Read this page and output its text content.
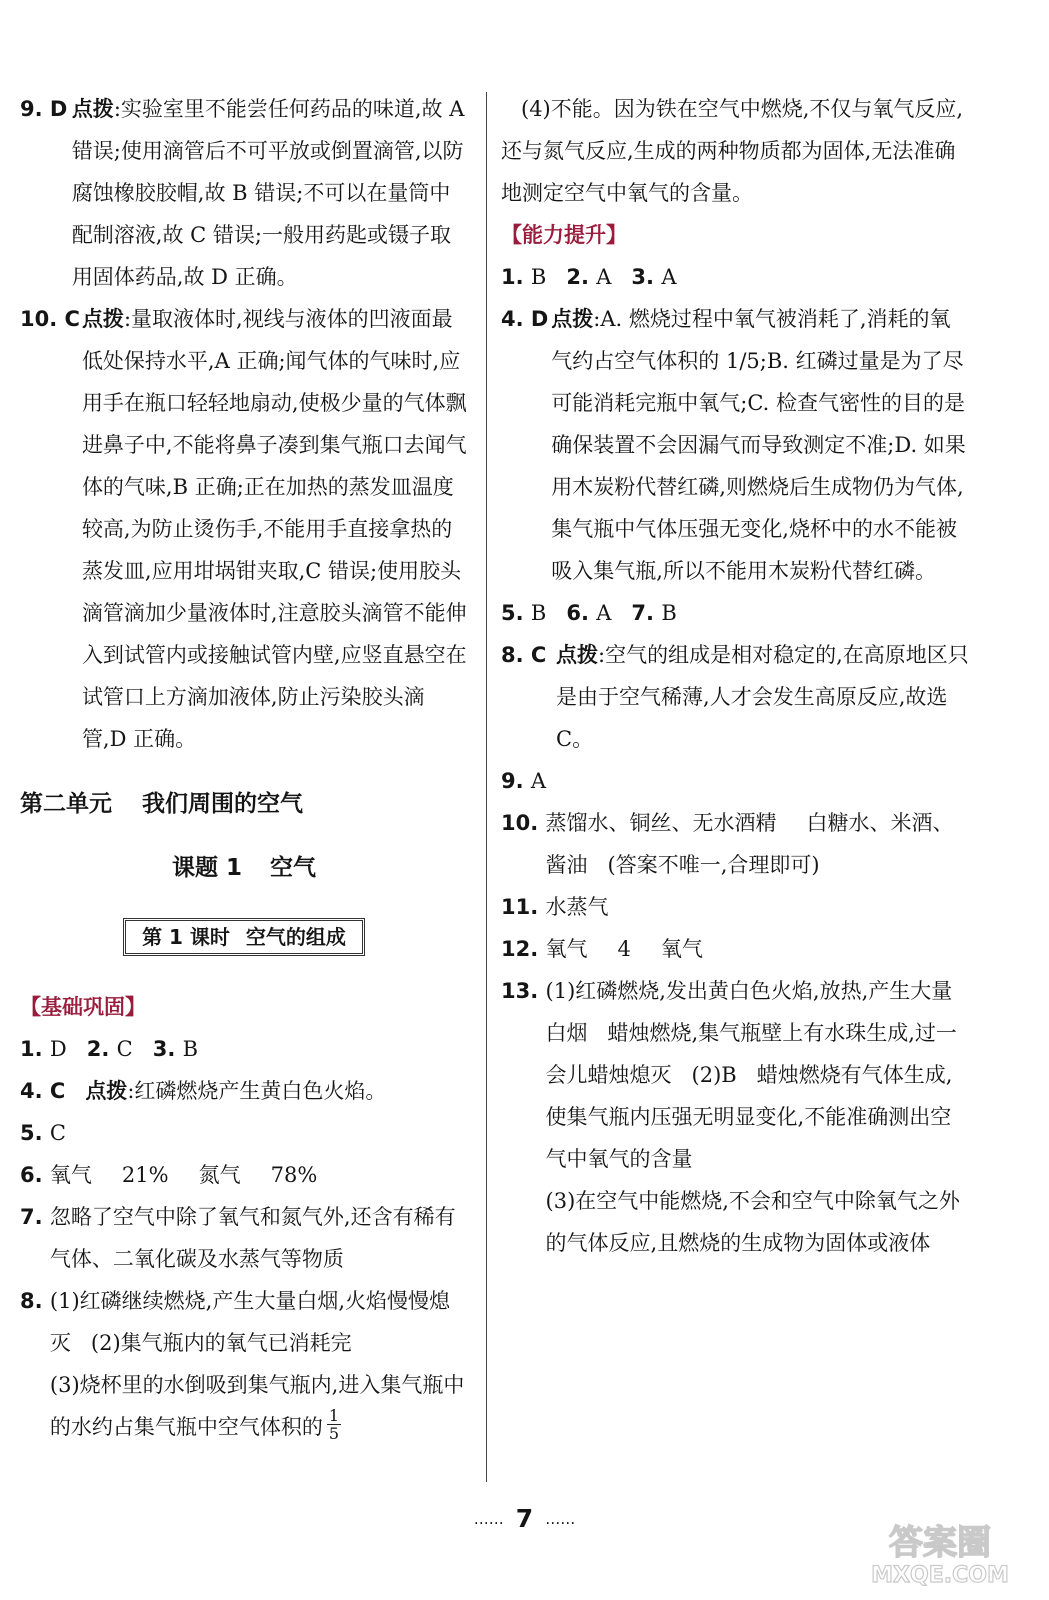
9. D 点拨:实验室里不能尝任何药品的味道,故 A 错误;使用滴管后不可平放或倒置滴管,以防腐蚀橡胶胶帽,故 B 错误;不可以在量筒中配制溶液,故 C 错误;一般用药匙或镊子取用固体药品,故 D 正确。
10. C 点拨:量取液体时,视线与液体的凹液面最低处保持水平,A 正确;闻气体的气味时,应用手在瓶口轻轻地扇动,使极少量的气体飘进鼻子中,不能将鼻子凑到集气瓶口去闻气体的气味,B 正确;正在加热的蒸发皿温度较高,为防止烫伤手,不能用手直接拿热的蒸发皿,应用坩埚钳夹取,C 错误;使用胶头滴管滴加少量液体时,注意胶头滴管不能伸入到试管内或接触试管内壁,应竖直悬空在试管口上方滴加液体,防止污染胶头滴管,D 正确。
第二单元 我们周围的空气
课题 1 空气
第 1 课时 空气的组成
【基础巩固】
1. D 2. C 3. B
4. C 点拨:红磷燃烧产生黄白色火焰。
5. C
6. 氧气 21% 氮气 78%
7. 忽略了空气中除了氧气和氮气外,还含有稀有气体、二氧化碳及水蒸气等物质
8. (1)红磷继续燃烧,产生大量白烟,火焰慢慢熄灭 (2)集气瓶内的氧气已消耗完
(3)烧杯里的水倒吸到集气瓶内,进入集气瓶中的水约占集气瓶中空气体积的 $\frac{1}{5}$
(4)不能。因为铁在空气中燃烧,不仅与氧气反应,还与氮气反应,生成的两种物质都为固体,无法准确地测定空气中氧气的含量。
【能力提升】
1. B 2. A 3. A
4. D 点拨:A. 燃烧过程中氧气被消耗了,消耗的氧气约占空气体积的 1/5;B. 红磷过量是为了尽可能消耗完瓶中氧气;C. 检查气密性的目的是确保装置不会因漏气而导致测定不准;D. 如果用木炭粉代替红磷,则燃烧后生成物仍为气体,集气瓶中气体压强无变化,烧杯中的水不能被吸入集气瓶,所以不能用木炭粉代替红磷。
5. B 6. A 7. B
8. C 点拨:空气的组成是相对稳定的,在高原地区只是由于空气稀薄,人才会发生高原反应,故选 C。
9. A
10. 蒸馏水、铜丝、无水酒精 白糖水、米酒、酱油 (答案不唯一,合理即可)
11. 水蒸气
12. 氧气 4 氧气
13. (1)红磷燃烧,发出黄白色火焰,放热,产生大量白烟 蜡烛燃烧,集气瓶壁上有水珠生成,过一会儿蜡烛熄灭 (2)B 蜡烛燃烧有气体生成,使集气瓶内压强无明显变化,不能准确测出空气中氧气的含量
(3)在空气中能燃烧,不会和空气中除氧气之外的气体反应,且燃烧的生成物为固体或液体
…… 7 ……
答案圈
MXQE.COM
